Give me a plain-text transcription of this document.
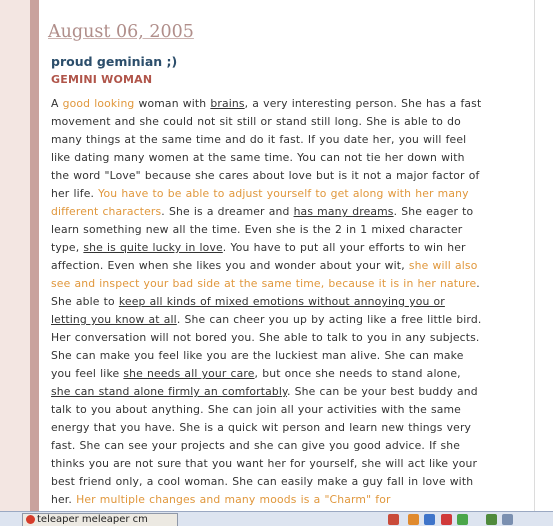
August 06, 2005
proud geminian ;)
GEMINI WOMAN
A good looking woman with brains, a very interesting person. She has a fast movement and she could not sit still or stand still long. She is able to do many things at the same time and do it fast. If you date her, you will feel like dating many women at the same time. You can not tie her down with the word "Love" because she cares about love but is it not a major factor of her life. You have to be able to adjust yourself to get along with her many different characters. She is a dreamer and has many dreams. She eager to learn something new all the time. Even she is the 2 in 1 mixed character type, she is quite lucky in love. You have to put all your efforts to win her affection. Even when she likes you and wonder about your wit, she will also see and inspect your bad side at the same time, because it is in her nature. She able to keep all kinds of mixed emotions without annoying you or letting you know at all. She can cheer you up by acting like a free little bird. Her conversation will not bored you. She able to talk to you in any subjects. She can make you feel like you are the luckiest man alive. She can make you feel like she needs all your care, but once she needs to stand alone, she can stand alone firmly an comfortably. She can be your best buddy and talk to you about anything. She can join all your activities with the same energy that you have. She is a quick wit person and learn new things very fast. She can see your projects and she can give you good advice. If she thinks you are not sure that you want her for yourself, she will act like your best friend only, a cool woman. She can easily make a guy fall in love with her. Her multiple changes and many moods is a "Charm" for
teleaper meleaper cm
